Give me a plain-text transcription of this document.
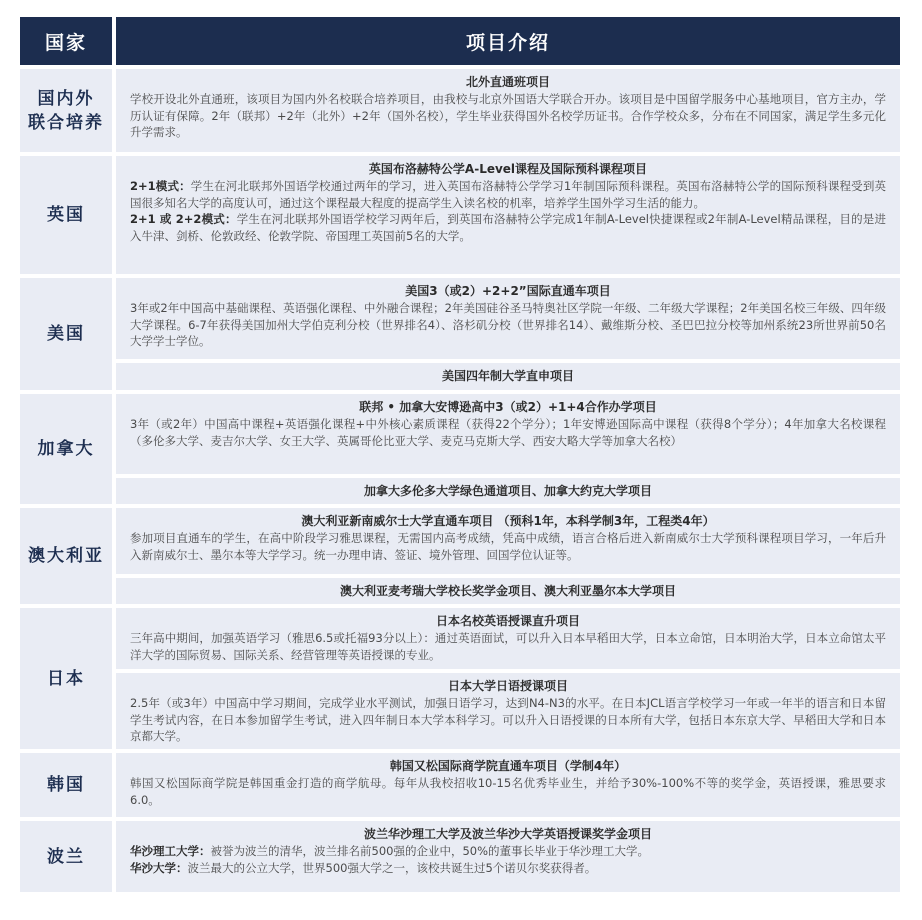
国家	项目介绍
国内外
联合培养
北外直通班项目
学校开设北外直通班，该项目为国内外名校联合培养项目，由我校与北京外国语大学联合开办。该项目是中国留学服务中心基地项目，官方主办，学历认证有保障。2年（联邦）+2年（北外）+2年（国外名校），学生毕业获得国外名校学历证书。合作学校众多，分布在不同国家，满足学生多元化升学需求。
英国
英国布洛赫特公学A-Level课程及国际预科课程项目
2+1模式：学生在河北联邦外国语学校通过两年的学习，进入英国布洛赫特公学学习1年制国际预科课程。英国布洛赫特公学的国际预科课程受到英国很多知名大学的高度认可，通过这个课程最大程度的提高学生入读名校的机率，培养学生国外学习生活的能力。
2+1 或 2+2模式：学生在河北联邦外国语学校学习两年后，到英国布洛赫特公学完成1年制A-Level快捷课程或2年制A-Level精品课程，目的是进入牛津、剑桥、伦敦政经、伦敦学院、帝国理工英国前5名的大学。
美国
美国3（或2）+2+2”国际直通车项目
3年或2年中国高中基础课程、英语强化课程、中外融合课程；2年美国硅谷圣马特奥社区学院一年级、二年级大学课程；2年美国名校三年级、四年级大学课程。6-7年获得美国加州大学伯克利分校（世界排名4）、洛杉矶分校（世界排名14）、戴维斯分校、圣巴巴拉分校等加州系统23所世界前50名大学学士学位。
美国四年制大学直申项目
加拿大
联邦 • 加拿大安博逊高中3（或2）+1+4合作办学项目
3年（或2年）中国高中课程+英语强化课程+中外核心素质课程（获得22个学分）；1年安博逊国际高中课程（获得8个学分）；4年加拿大名校课程（多伦多大学、麦吉尔大学、女王大学、英属哥伦比亚大学、麦克马克斯大学、西安大略大学等加拿大名校）
加拿大多伦多大学绿色通道项目、加拿大约克大学项目
澳大利亚
澳大利亚新南威尔士大学直通车项目 （预科1年，本科学制3年，工程类4年）
参加项目直通车的学生，在高中阶段学习雅思课程，无需国内高考成绩，凭高中成绩，语言合格后进入新南威尔士大学预科课程项目学习，一年后升入新南威尔士、墨尔本等大学学习。统一办理申请、签证、境外管理、回国学位认证等。
澳大利亚麦考瑞大学校长奖学金项目、澳大利亚墨尔本大学项目
日本
日本名校英语授课直升项目
三年高中期间，加强英语学习（雅思6.5或托福93分以上）：通过英语面试，可以升入日本早稻田大学，日本立命馆，日本明治大学，日本立命馆太平洋大学的国际贸易、国际关系、经营管理等英语授课的专业。
日本大学日语授课项目
2.5年（或3年）中国高中学习期间，完成学业水平测试，加强日语学习，达到N4-N3的水平。在日本JCL语言学校学习一年或一年半的语言和日本留学生考试内容，在日本参加留学生考试，进入四年制日本大学本科学习。可以升入日语授课的日本所有大学，包括日本东京大学、早稻田大学和日本京都大学。
韩国
韩国又松国际商学院直通车项目（学制4年）
韩国又松国际商学院是韩国重金打造的商学航母。每年从我校招收10-15名优秀毕业生，并给予30%-100%不等的奖学金，英语授课，雅思要求6.0。
波兰
波兰华沙理工大学及波兰华沙大学英语授课奖学金项目
华沙理工大学：被誉为波兰的清华，波兰排名前500强的企业中，50%的董事长毕业于华沙理工大学。
华沙大学：波兰最大的公立大学，世界500强大学之一，该校共诞生过5个诺贝尔奖获得者。
